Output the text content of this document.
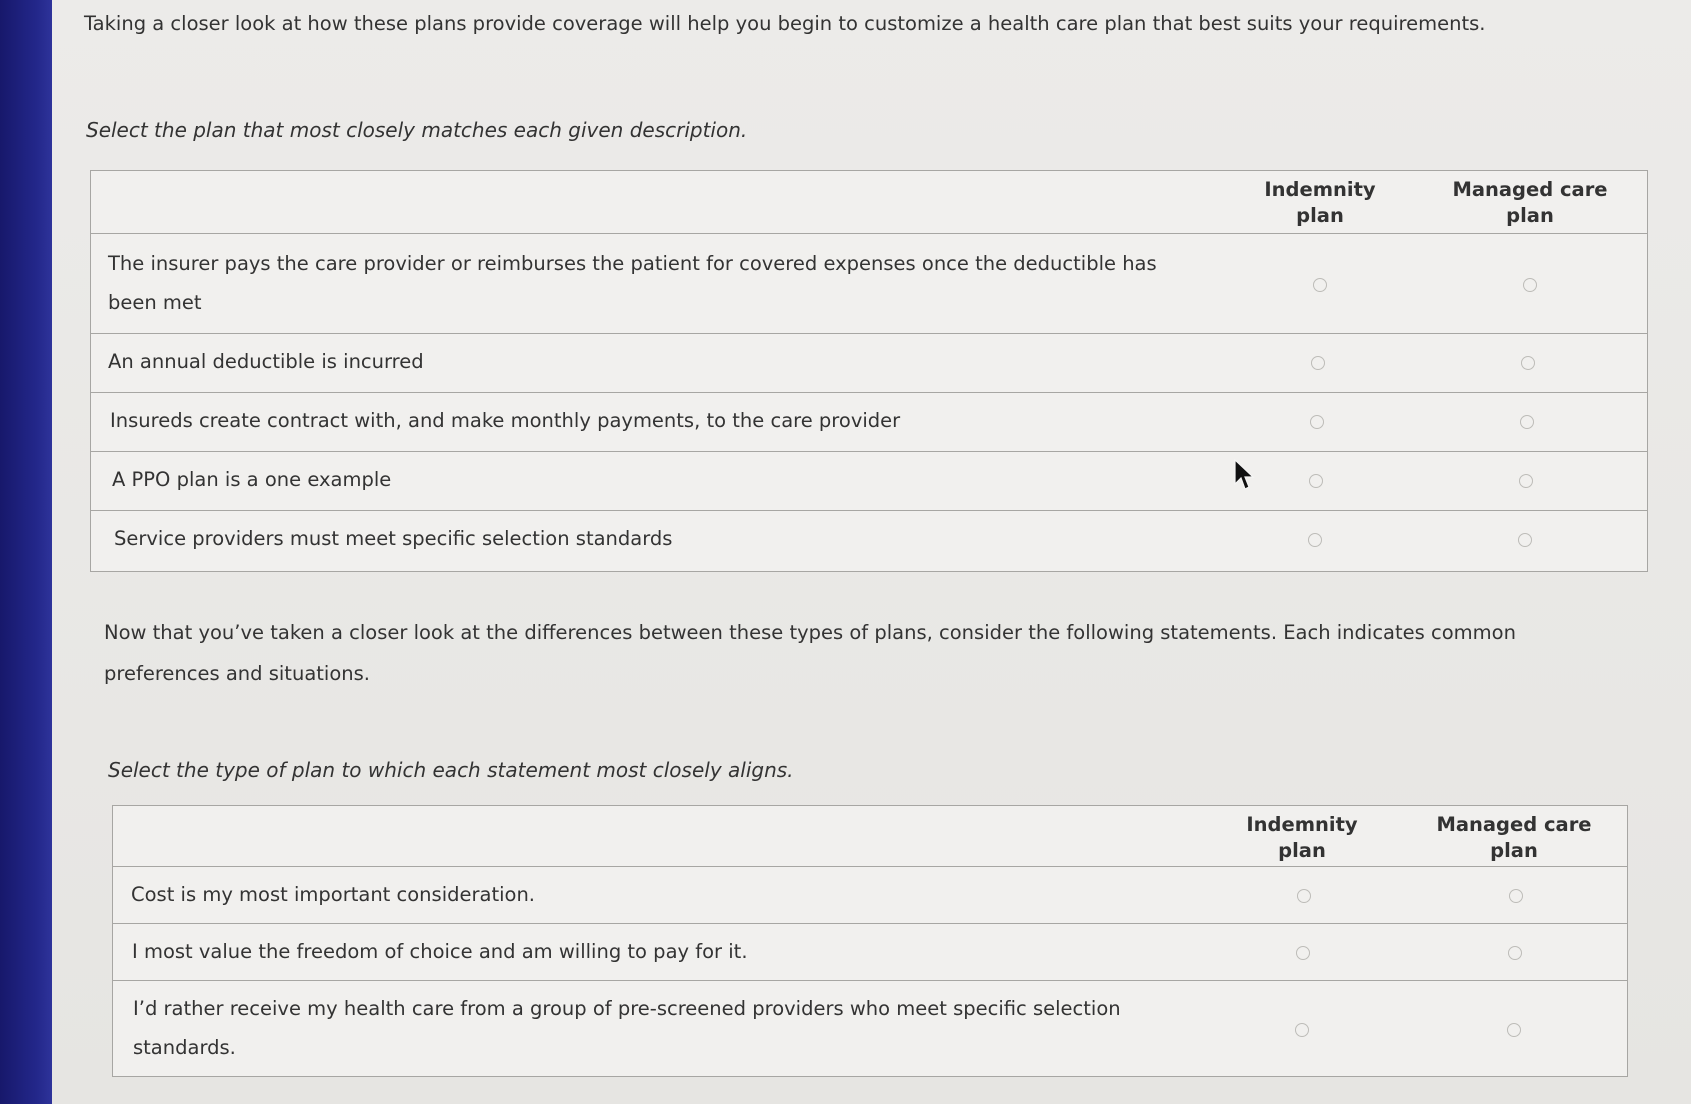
Taking a closer look at how these plans provide coverage will help you begin to customize a health care plan that best suits your requirements.
Select the plan that most closely matches each given description.
Indemnity
plan
Managed care
plan
The insurer pays the care provider or reimburses the patient for covered expenses once the deductible has been met
An annual deductible is incurred
Insureds create contract with, and make monthly payments, to the care provider
A PPO plan is a one example
Service providers must meet specific selection standards
Now that you’ve taken a closer look at the differences between these types of plans, consider the following statements. Each indicates common preferences and situations.
Select the type of plan to which each statement most closely aligns.
Indemnity
plan
Managed care
plan
Cost is my most important consideration.
I most value the freedom of choice and am willing to pay for it.
I’d rather receive my health care from a group of pre-screened providers who meet specific selection standards.
